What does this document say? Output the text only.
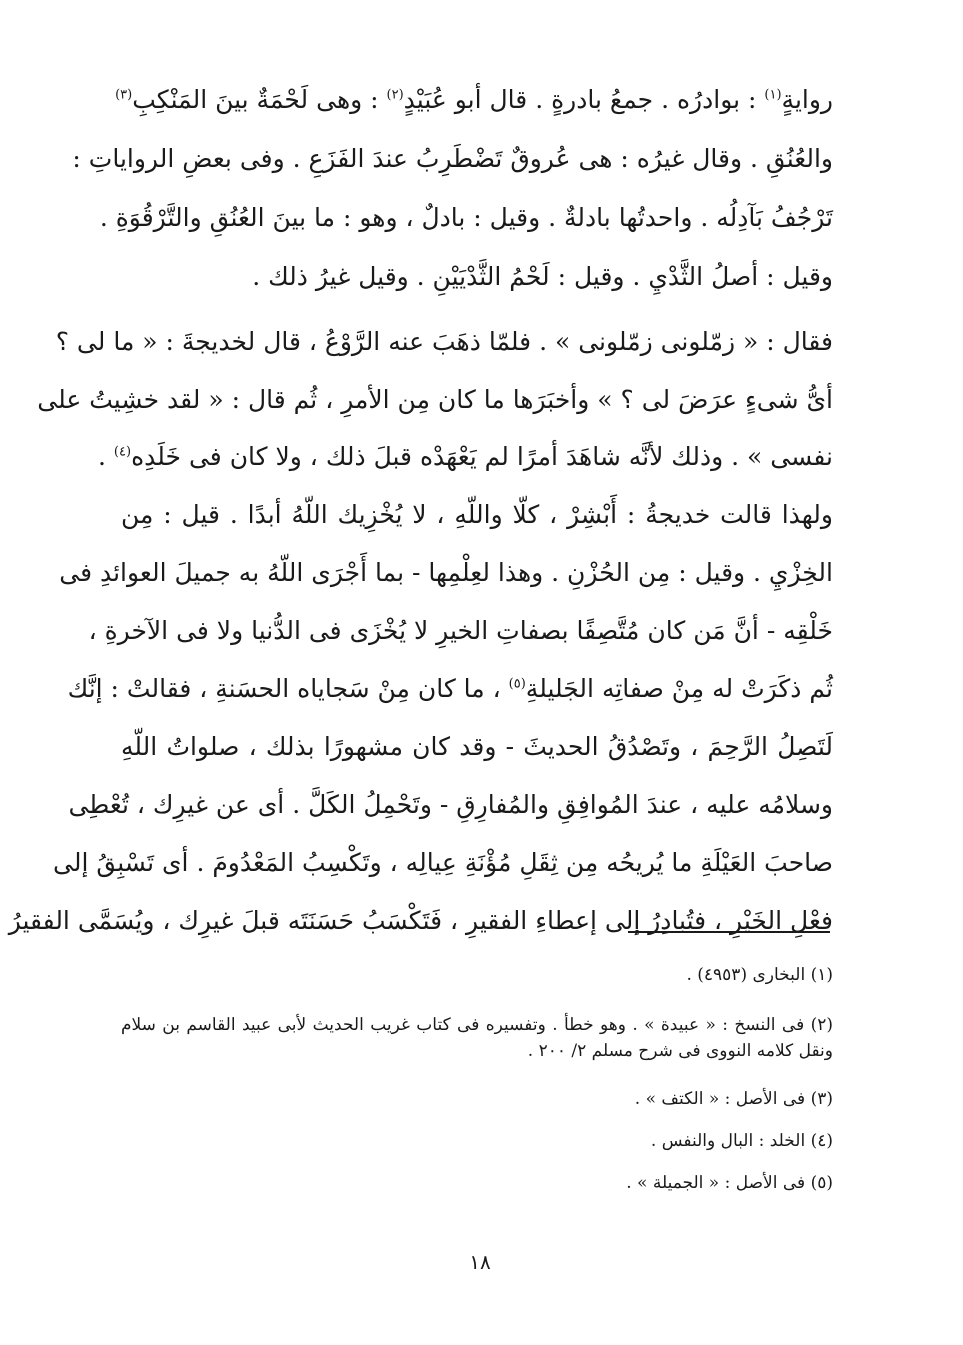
روايةٍ$^{(١)}$ : بوادرُه . جمعُ بادرةٍ . قال أبو عُبَيْدٍ$^{(٢)}$ : وهى لَحْمَةٌ بينَ المَنْكِبِ$^{(٣)}$
والعُنُقِ . وقال غيرُه : هى عُروقٌ تَضْطَرِبُ عندَ الفَزَعِ . وفى بعضِ الرواياتِ :
تَرْجُفُ بَآدِلُه . واحدتُها بادلةٌ . وقيل : بادلٌ ، وهو : ما بينَ العُنُقِ والتَّرْقُوَةِ .
وقيل : أصلُ الثَّدْيِ . وقيل : لَحْمُ الثَّدْيَيْنِ . وقيل غيرُ ذلك .
فقال : « زمّلونى زمّلونى » . فلمّا ذهَبَ عنه الرَّوْعُ ، قال لخديجةَ : « ما لى ؟
أىُّ شىءٍ عرَضَ لى ؟ » وأخبَرَها ما كان مِن الأمرِ ، ثُم قال : « لقد خشِيتُ على
نفسى » . وذلك لأنَّه شاهَدَ أمرًا لم يَعْهَدْه قبلَ ذلك ، ولا كان فى خَلَدِه$^{(٤)}$ .
ولهذا قالت خديجةُ : أَبْشِرْ ، كلّا واللّهِ ، لا يُخْزِيك اللّهُ أبدًا . قيل : مِن
الخِزْيِ . وقيل : مِن الحُزْنِ . وهذا لعِلْمِها - بما أَجْرَى اللّهُ به جميلَ العوائدِ فى
خَلْقِه - أنَّ مَن كان مُتَّصِفًا بصفاتِ الخيرِ لا يُخْزَى فى الدُّنيا ولا فى الآخرةِ ،
ثُم ذكَرَتْ له مِنْ صفاتِه الجَليلةِ$^{(٥)}$ ، ما كان مِنْ سَجاياه الحسَنةِ ، فقالتْ : إنَّك
لَتَصِلُ الرَّحِمَ ، وتَصْدُقُ الحديثَ - وقد كان مشهورًا بذلك ، صلواتُ اللّهِ
وسلامُه عليه ، عندَ المُوافِقِ والمُفارِقِ - وتَحْمِلُ الكَلَّ . أى عن غيرِك ، تُعْطِى
صاحبَ العَيْلَةِ ما يُريحُه مِن ثِقَلِ مُؤْنَةِ عِيالِه ، وتَكْسِبُ المَعْدُومَ . أى تَسْبِقُ إلى
فعْلِ الخَيْرِ ، فتُبادِرُ إلى إعطاءِ الفقيرِ ، فَتَكْسَبُ حَسَنَتَه قبلَ غيرِك ، ويُسَمَّى الفقيرُ
(١) البخارى (٤٩٥٣) .
(٢) فى النسخ : « عبيدة » . وهو خطأ . وتفسيره فى كتاب غريب الحديث لأبى عبيد القاسم بن سلام ونقل كلامه النووى فى شرح مسلم ٢/ ٢٠٠ .
(٣) فى الأصل : « الكتف » .
(٤) الخلد : البال والنفس .
(٥) فى الأصل : « الجميلة » .
١٨
